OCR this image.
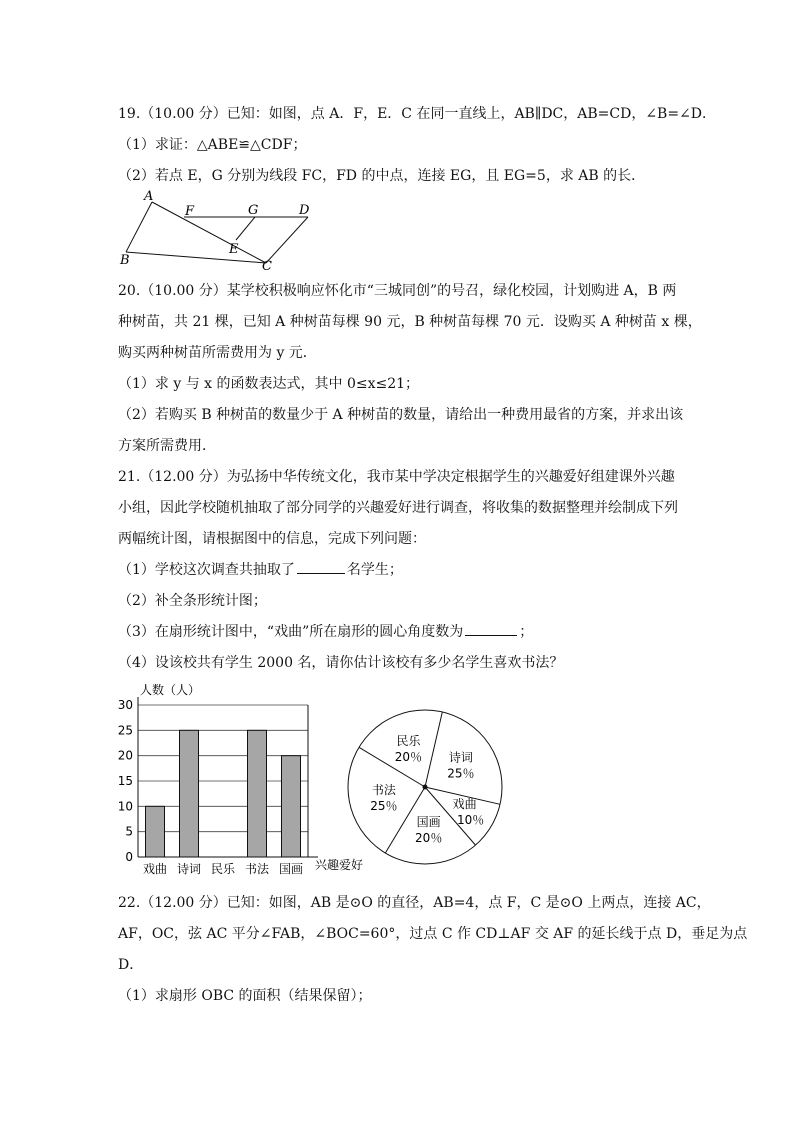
19.（10.00 分）已知：如图，点 A．F，E．C 在同一直线上，AB∥DC，AB=CD，∠B=∠D．
（1）求证：△ABE≌△CDF；
（2）若点 E，G 分别为线段 FC，FD 的中点，连接 EG，且 EG=5，求 AB 的长．
A
F	G	D
E
B	C
20.（10.00 分）某学校积极响应怀化市“三城同创”的号召，绿化校园，计划购进 A，B 两
种树苗，共 21 棵，已知 A 种树苗每棵 90 元，B 种树苗每棵 70 元．设购买 A 种树苗 x 棵，
购买两种树苗所需费用为 y 元．
（1）求 y 与 x 的函数表达式，其中 0≤x≤21；
（2）若购买 B 种树苗的数量少于 A 种树苗的数量，请给出一种费用最省的方案，并求出该
方案所需费用．
21.（12.00 分）为弘扬中华传统文化，我市某中学决定根据学生的兴趣爱好组建课外兴趣
小组，因此学校随机抽取了部分同学的兴趣爱好进行调查，将收集的数据整理并绘制成下列
两幅统计图，请根据图中的信息，完成下列问题：
（1）学校这次调查共抽取了	名学生；
（2）补全条形统计图；
（3）在扇形统计图中，“戏曲”所在扇形的圆心角度数为	；
（4）设该校共有学生 2000 名，请你估计该校有多少名学生喜欢书法？
人数（人）
兴趣爱好
0
5
10
15
20
25
30
戏曲 诗词 民乐 书法 国画
民乐
20％ 诗词
25％
戏曲
10％
国画
20％
书法
25％
22.（12.00 分）已知：如图，AB 是⊙O 的直径，AB=4，点 F，C 是⊙O 上两点，连接 AC，
AF，OC，弦 AC 平分∠FAB，∠BOC=60°，过点 C 作 CD⊥AF 交 AF 的延长线于点 D，垂足为点
D．
（1）求扇形 OBC 的面积（结果保留）；
